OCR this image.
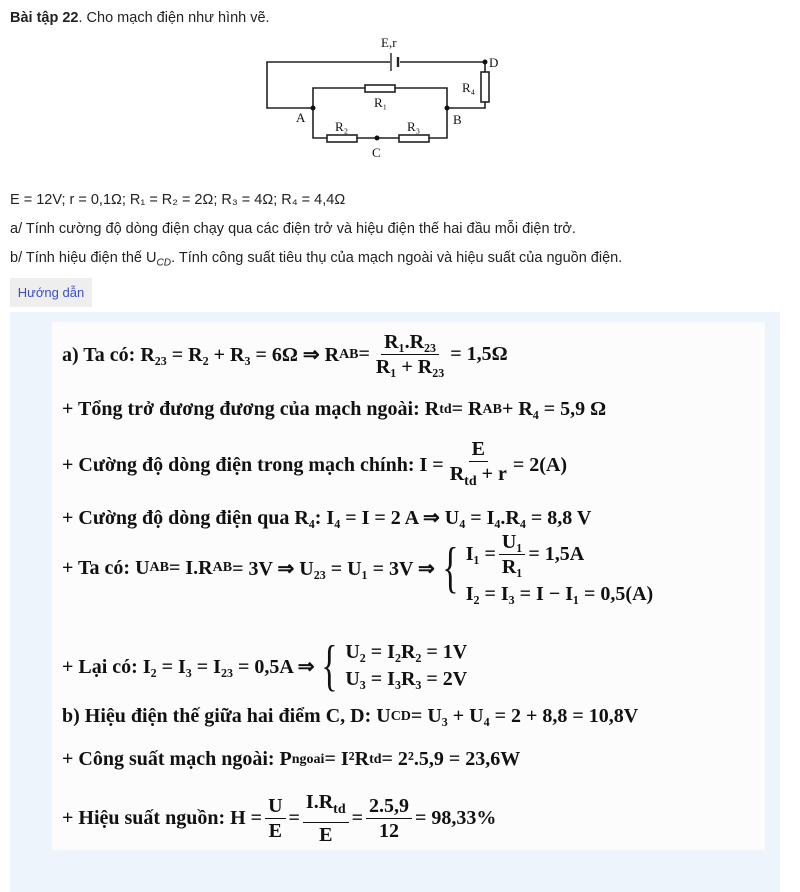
Bài tập 22. Cho mạch điện như hình vẽ.
E,r
D
R₄
R₁
A	B
R₂	R₃
C
E = 12V; r = 0,1Ω; R₁ = R₂ = 2Ω; R₃ = 4Ω; R₄ = 4,4Ω
a/ Tính cường độ dòng điện chạy qua các điện trở và hiệu điện thế hai đầu mỗi điện trở.
b/ Tính hiệu điện thế $U_{CD}$. Tính công suất tiêu thụ của mạch ngoài và hiệu suất của nguồn điện.
Hướng dẫn
a) Ta có: R₂₃ = R₂ + R₃ = 6Ω ⇒ R AB = $\frac{\text{R₁.R₂₃}}{\text{R₁ + R₂₃}} = 1,5\Omega$
+ Tổng trở đương đương của mạch ngoài: R td = R AB + R₄ = 5,9 Ω
+ Cường độ dòng điện trong mạch chính: $I = \frac{E}{R_{td} + r} = 2(A)$
+ Cường độ dòng điện qua R₄: I₄ = I = 2 A ⇒ U₄ = I₄.R₄ = 8,8 V
+ Ta có: U AB = I.R AB = 3V ⇒ U₂₃ = U₁ = 3V ⇒ { $I_1 = \frac{\text{U₁}}{\text{R₁}} = 1,5A$
I₂ = I₃ = I − I₁ = 0,5(A)
+ Lại có: I₂ = I₃ = I₂₃ = 0,5A ⇒ { U₂ = I₂R₂ = 1V
U₃ = I₃R₃ = 2V
b) Hiệu điện thế giữa hai điểm C, D: U CD = U₃ + U₄ = 2 + 8,8 = 10,8V
+ Công suất mạch ngoài: P ngoai = I²R td = 2².5,9 = 23,6W
+ Hiệu suất nguồn: $H = \frac{U}{E} = \frac{I.R_{td}}{E} = \frac{2.5,9}{12} = 98,33\%$
